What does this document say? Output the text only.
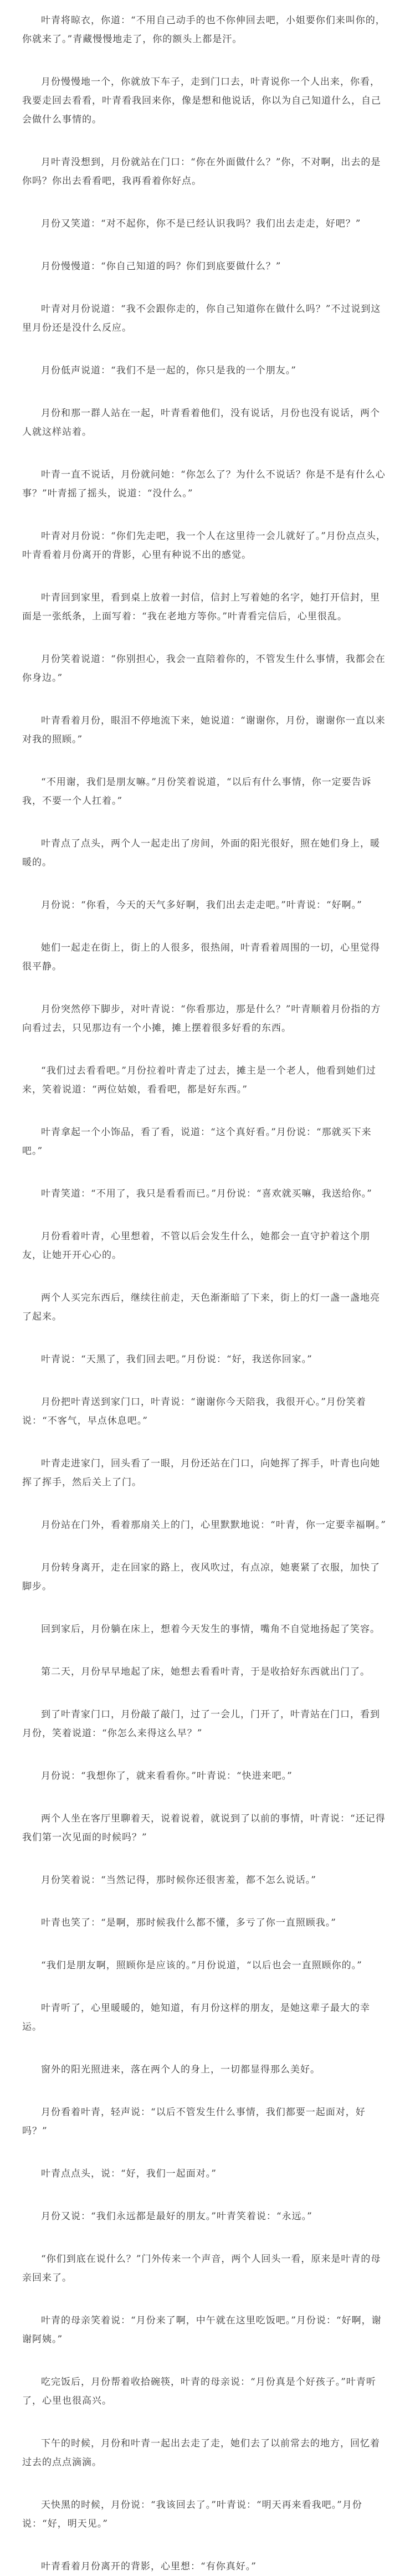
叶青将晾衣，你道：“不用自己动手的也不你伸回去吧，小姐要你们来叫你的，你就来了。”青藏慢慢地走了，你的额头上都是汗。

月份慢慢地一个，你就放下车子，走到门口去，叶青说你一个人出来，你看，我要走回去看看，叶青看我回来你，像是想和他说话，你以为自己知道什么，自己会做什么事情的。

月叶青没想到，月份就站在门口：“你在外面做什么？”你，不对啊，出去的是你吗？你出去看看吧，我再看着你好点。

月份又笑道：“对不起你，你不是已经认识我吗？我们出去走走，好吧？”

月份慢慢道：“你自己知道的吗？你们到底要做什么？”

叶青对月份说道：“我不会跟你走的，你自己知道你在做什么吗？”不过说到这里月份还是没什么反应。

月份低声说道：“我们不是一起的，你只是我的一个朋友。”

月份和那一群人站在一起，叶青看着他们，没有说话，月份也没有说话，两个人就这样站着。

叶青一直不说话，月份就问她：“你怎么了？为什么不说话？你是不是有什么心事？”叶青摇了摇头，说道：“没什么。”

叶青对月份说：“你们先走吧，我一个人在这里待一会儿就好了。”月份点点头，叶青看着月份离开的背影，心里有种说不出的感觉。

叶青回到家里，看到桌上放着一封信，信封上写着她的名字，她打开信封，里面是一张纸条，上面写着：“我在老地方等你。”叶青看完信后，心里很乱。

月份笑着说道：“你别担心，我会一直陪着你的，不管发生什么事情，我都会在你身边。”

叶青看着月份，眼泪不停地流下来，她说道：“谢谢你，月份，谢谢你一直以来对我的照顾。”

“不用谢，我们是朋友嘛。”月份笑着说道，“以后有什么事情，你一定要告诉我，不要一个人扛着。”

叶青点了点头，两个人一起走出了房间，外面的阳光很好，照在她们身上，暖暖的。

月份说：“你看，今天的天气多好啊，我们出去走走吧。”叶青说：“好啊。”

她们一起走在街上，街上的人很多，很热闹，叶青看着周围的一切，心里觉得很平静。

月份突然停下脚步，对叶青说：“你看那边，那是什么？”叶青顺着月份指的方向看过去，只见那边有一个小摊，摊上摆着很多好看的东西。

“我们过去看看吧。”月份拉着叶青走了过去，摊主是一个老人，他看到她们过来，笑着说道：“两位姑娘，看看吧，都是好东西。”

叶青拿起一个小饰品，看了看，说道：“这个真好看。”月份说：“那就买下来吧。”

叶青笑道：“不用了，我只是看看而已。”月份说：“喜欢就买嘛，我送给你。”

月份看着叶青，心里想着，不管以后会发生什么，她都会一直守护着这个朋友，让她开开心心的。

两个人买完东西后，继续往前走，天色渐渐暗了下来，街上的灯一盏一盏地亮了起来。

叶青说：“天黑了，我们回去吧。”月份说：“好，我送你回家。”

月份把叶青送到家门口，叶青说：“谢谢你今天陪我，我很开心。”月份笑着说：“不客气，早点休息吧。”

叶青走进家门，回头看了一眼，月份还站在门口，向她挥了挥手，叶青也向她挥了挥手，然后关上了门。

月份站在门外，看着那扇关上的门，心里默默地说：“叶青，你一定要幸福啊。”

月份转身离开，走在回家的路上，夜风吹过，有点凉，她裹紧了衣服，加快了脚步。

回到家后，月份躺在床上，想着今天发生的事情，嘴角不自觉地扬起了笑容。

第二天，月份早早地起了床，她想去看看叶青，于是收拾好东西就出门了。

到了叶青家门口，月份敲了敲门，过了一会儿，门开了，叶青站在门口，看到月份，笑着说道：“你怎么来得这么早？”

月份说：“我想你了，就来看看你。”叶青说：“快进来吧。”

两个人坐在客厅里聊着天，说着说着，就说到了以前的事情，叶青说：“还记得我们第一次见面的时候吗？”

月份笑着说：“当然记得，那时候你还很害羞，都不怎么说话。”

叶青也笑了：“是啊，那时候我什么都不懂，多亏了你一直照顾我。”

“我们是朋友啊，照顾你是应该的。”月份说道，“以后也会一直照顾你的。”

叶青听了，心里暖暖的，她知道，有月份这样的朋友，是她这辈子最大的幸运。

窗外的阳光照进来，落在两个人的身上，一切都显得那么美好。

月份看着叶青，轻声说：“以后不管发生什么事情，我们都要一起面对，好吗？”

叶青点点头，说：“好，我们一起面对。”

月份又说：“我们永远都是最好的朋友。”叶青笑着说：“永远。”

“你们到底在说什么？”门外传来一个声音，两个人回头一看，原来是叶青的母亲回来了。

叶青的母亲笑着说：“月份来了啊，中午就在这里吃饭吧。”月份说：“好啊，谢谢阿姨。”

吃完饭后，月份帮着收拾碗筷，叶青的母亲说：“月份真是个好孩子。”叶青听了，心里也很高兴。

下午的时候，月份和叶青一起出去走了走，她们去了以前常去的地方，回忆着过去的点点滴滴。

天快黑的时候，月份说：“我该回去了。”叶青说：“明天再来看我吧。”月份说：“好，明天见。”

叶青看着月份离开的背影，心里想：“有你真好。”
